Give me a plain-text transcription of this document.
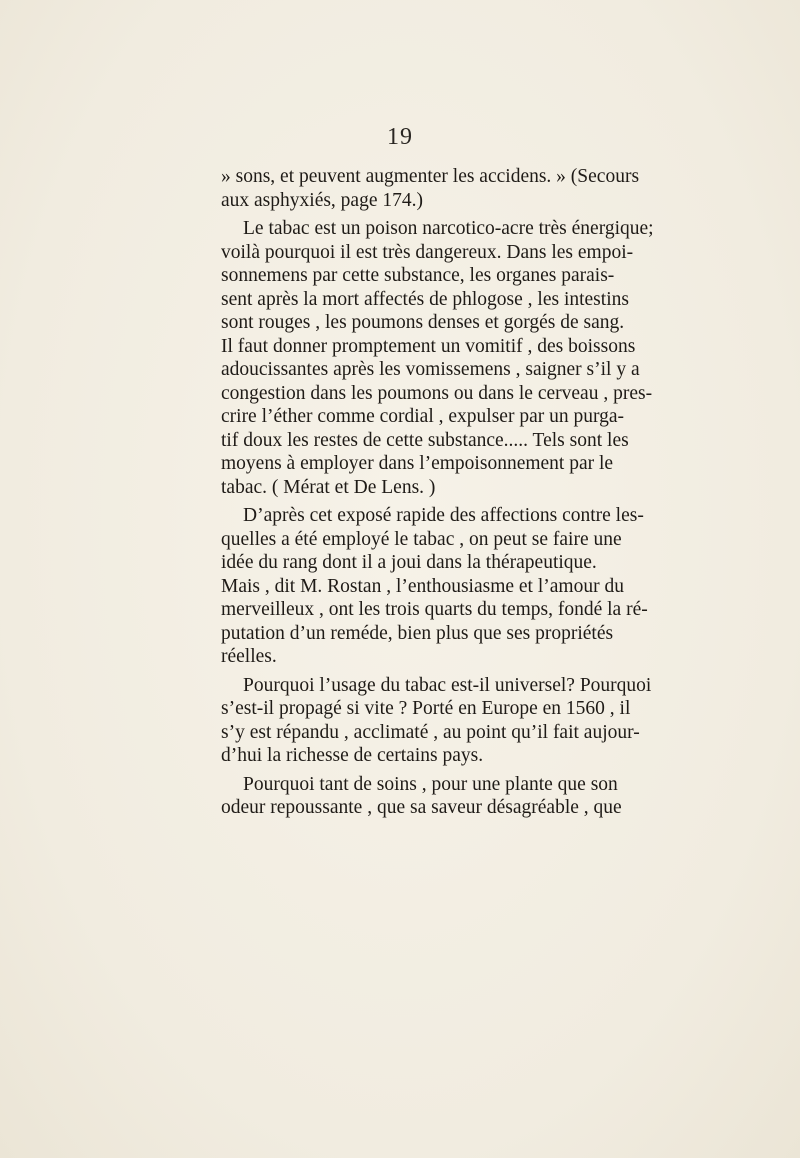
19
» sons, et peuvent augmenter les accidens. » (Secours
aux asphyxiés, page 174.)
Le tabac est un poison narcotico-acre très énergique;
voilà pourquoi il est très dangereux. Dans les empoi-
sonnemens par cette substance, les organes parais-
sent après la mort affectés de phlogose , les intestins
sont rouges , les poumons denses et gorgés de sang.
Il faut donner promptement un vomitif , des boissons
adoucissantes après les vomissemens , saigner s’il y a
congestion dans les poumons ou dans le cerveau , pres-
crire l’éther comme cordial , expulser par un purga-
tif doux les restes de cette substance..... Tels sont les
moyens à employer dans l’empoisonnement par le
tabac. ( Mérat et De Lens. )
D’après cet exposé rapide des affections contre les-
quelles a été employé le tabac , on peut se faire une
idée du rang dont il a joui dans la thérapeutique.
Mais , dit M. Rostan , l’enthousiasme et l’amour du
merveilleux , ont les trois quarts du temps, fondé la ré-
putation d’un reméde, bien plus que ses propriétés
réelles.
Pourquoi l’usage du tabac est-il universel? Pourquoi
s’est-il propagé si vite ? Porté en Europe en 1560 , il
s’y est répandu , acclimaté , au point qu’il fait aujour-
d’hui la richesse de certains pays.
Pourquoi tant de soins , pour une plante que son
odeur repoussante , que sa saveur désagréable , que
